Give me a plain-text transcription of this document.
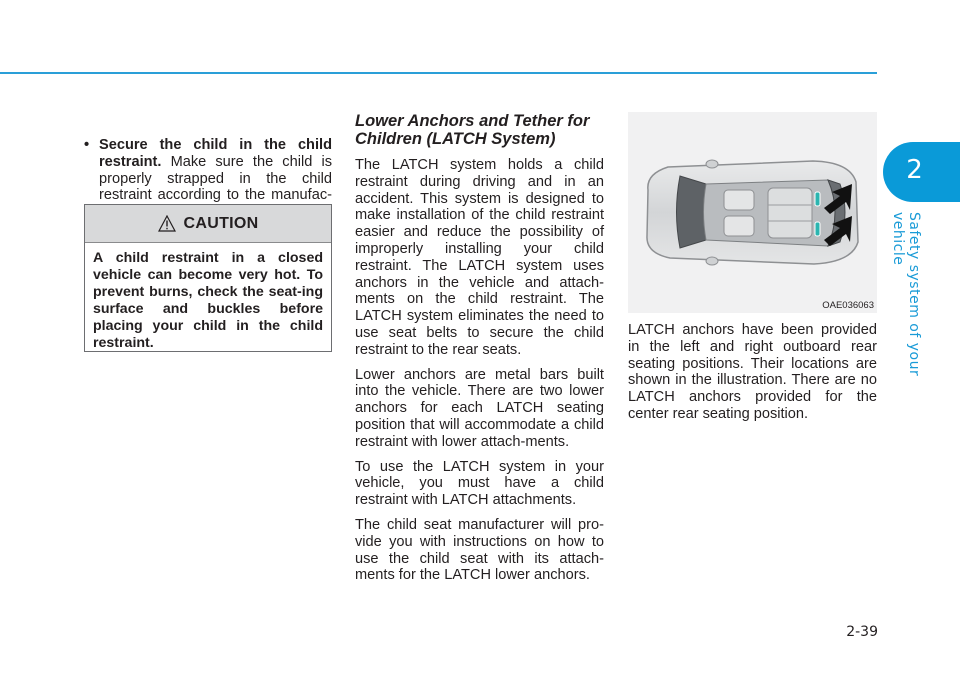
2
Safety system of your vehicle
• Secure the child in the child restraint. Make sure the child is properly strapped in the child restraint according to the manufac-
CAUTION
A child restraint in a closed vehicle can become very hot. To prevent burns, check the seat-ing surface and buckles before placing your child in the child restraint.
Lower Anchors and Tether for Children (LATCH System)

The LATCH system holds a child restraint during driving and in an accident. This system is designed to make installation of the child restraint easier and reduce the possibility of improperly installing your child restraint. The LATCH system uses anchors in the vehicle and attach-ments on the child restraint. The LATCH system eliminates the need to use seat belts to secure the child restraint to the rear seats.

Lower anchors are metal bars built into the vehicle. There are two lower anchors for each LATCH seating position that will accommodate a child restraint with lower attach-ments.

To use the LATCH system in your vehicle, you must have a child restraint with LATCH attachments.

The child seat manufacturer will pro-vide you with instructions on how to use the child seat with its attach-ments for the LATCH lower anchors.

OAE036063

LATCH anchors have been provided in the left and right outboard rear seating positions. Their locations are shown in the illustration. There are no LATCH anchors provided for the center rear seating position.

2-39
